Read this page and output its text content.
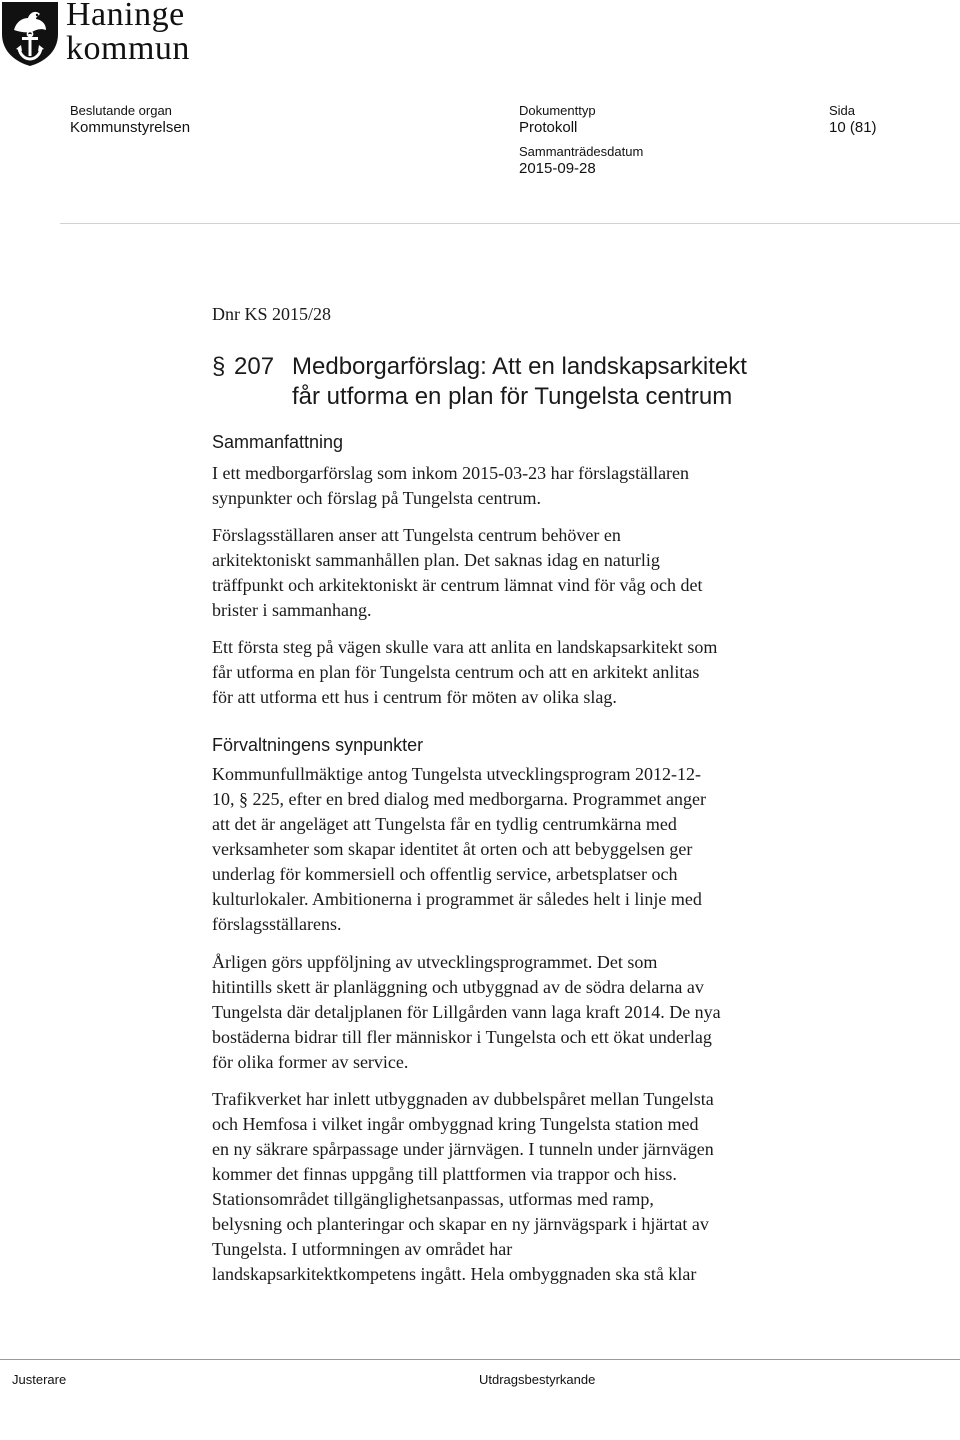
Haninge
kommun
Beslutande organ
Kommunstyrelsen
Dokumenttyp
Protokoll
Sammanträdesdatum
2015-09-28
Sida
10 (81)
Dnr KS 2015/28
§ 207 Medborgarförslag: Att en landskapsarkitekt
får utforma en plan för Tungelsta centrum
Sammanfattning
I ett medborgarförslag som inkom 2015-03-23 har förslagställaren
synpunkter och förslag på Tungelsta centrum.
Förslagsställaren anser att Tungelsta centrum behöver en
arkitektoniskt sammanhållen plan. Det saknas idag en naturlig
träffpunkt och arkitektoniskt är centrum lämnat vind för våg och det
brister i sammanhang.
Ett första steg på vägen skulle vara att anlita en landskapsarkitekt som
får utforma en plan för Tungelsta centrum och att en arkitekt anlitas
för att utforma ett hus i centrum för möten av olika slag.
Förvaltningens synpunkter
Kommunfullmäktige antog Tungelsta utvecklingsprogram 2012-12-
10, § 225, efter en bred dialog med medborgarna. Programmet anger
att det är angeläget att Tungelsta får en tydlig centrumkärna med
verksamheter som skapar identitet åt orten och att bebyggelsen ger
underlag för kommersiell och offentlig service, arbetsplatser och
kulturlokaler. Ambitionerna i programmet är således helt i linje med
förslagsställarens.
Årligen görs uppföljning av utvecklingsprogrammet. Det som
hitintills skett är planläggning och utbyggnad av de södra delarna av
Tungelsta där detaljplanen för Lillgården vann laga kraft 2014. De nya
bostäderna bidrar till fler människor i Tungelsta och ett ökat underlag
för olika former av service.
Trafikverket har inlett utbyggnaden av dubbelspåret mellan Tungelsta
och Hemfosa i vilket ingår ombyggnad kring Tungelsta station med
en ny säkrare spårpassage under järnvägen. I tunneln under järnvägen
kommer det finnas uppgång till plattformen via trappor och hiss.
Stationsområdet tillgänglighetsanpassas, utformas med ramp,
belysning och planteringar och skapar en ny järnvägspark i hjärtat av
Tungelsta. I utformningen av området har
landskapsarkitektkompetens ingått. Hela ombyggnaden ska stå klar
Justerare	Utdragsbestyrkande
